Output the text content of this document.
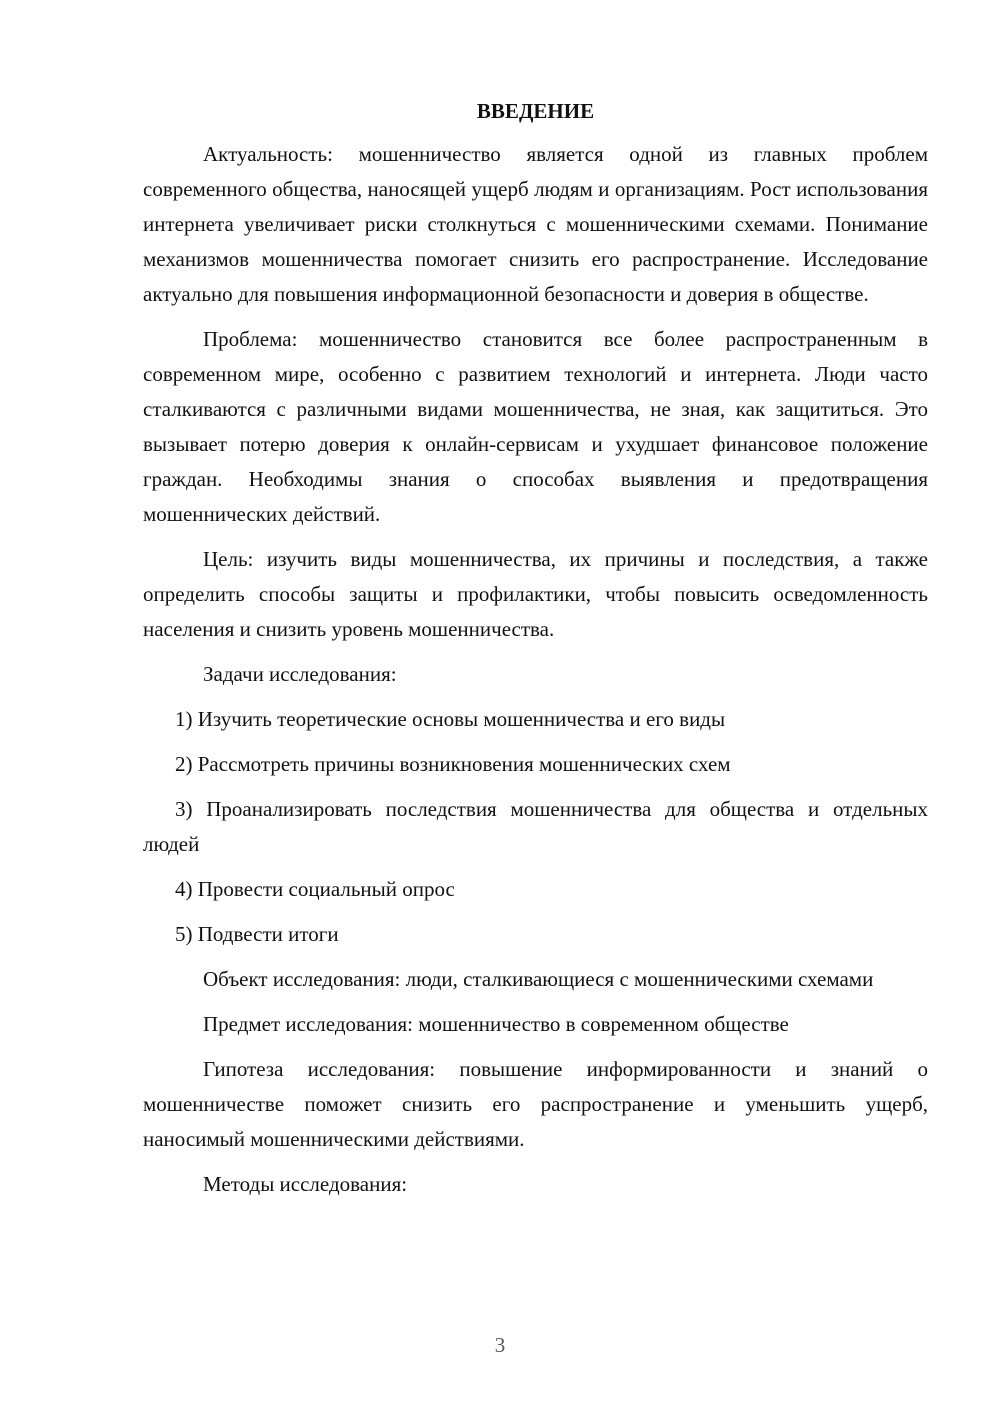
ВВЕДЕНИЕ

Актуальность: мошенничество является одной из главных проблем современного общества, наносящей ущерб людям и организациям. Рост использования интернета увеличивает риски столкнуться с мошенническими схемами. Понимание механизмов мошенничества помогает снизить его распространение. Исследование актуально для повышения информационной безопасности и доверия в обществе.

Проблема: мошенничество становится все более распространенным в современном мире, особенно с развитием технологий и интернета. Люди часто сталкиваются с различными видами мошенничества, не зная, как защититься. Это вызывает потерю доверия к онлайн-сервисам и ухудшает финансовое положение граждан. Необходимы знания о способах выявления и предотвращения мошеннических действий.

Цель: изучить виды мошенничества, их причины и последствия, а также определить способы защиты и профилактики, чтобы повысить осведомленность населения и снизить уровень мошенничества.

Задачи исследования:

1) Изучить теоретические основы мошенничества и его виды

2) Рассмотреть причины возникновения мошеннических схем

3) Проанализировать последствия мошенничества для общества и отдельных людей

4) Провести социальный опрос

5) Подвести итоги

Объект исследования: люди, сталкивающиеся с мошенническими схемами

Предмет исследования: мошенничество в современном обществе

Гипотеза исследования: повышение информированности и знаний о мошенничестве поможет снизить его распространение и уменьшить ущерб, наносимый мошенническими действиями.

Методы исследования:

3
